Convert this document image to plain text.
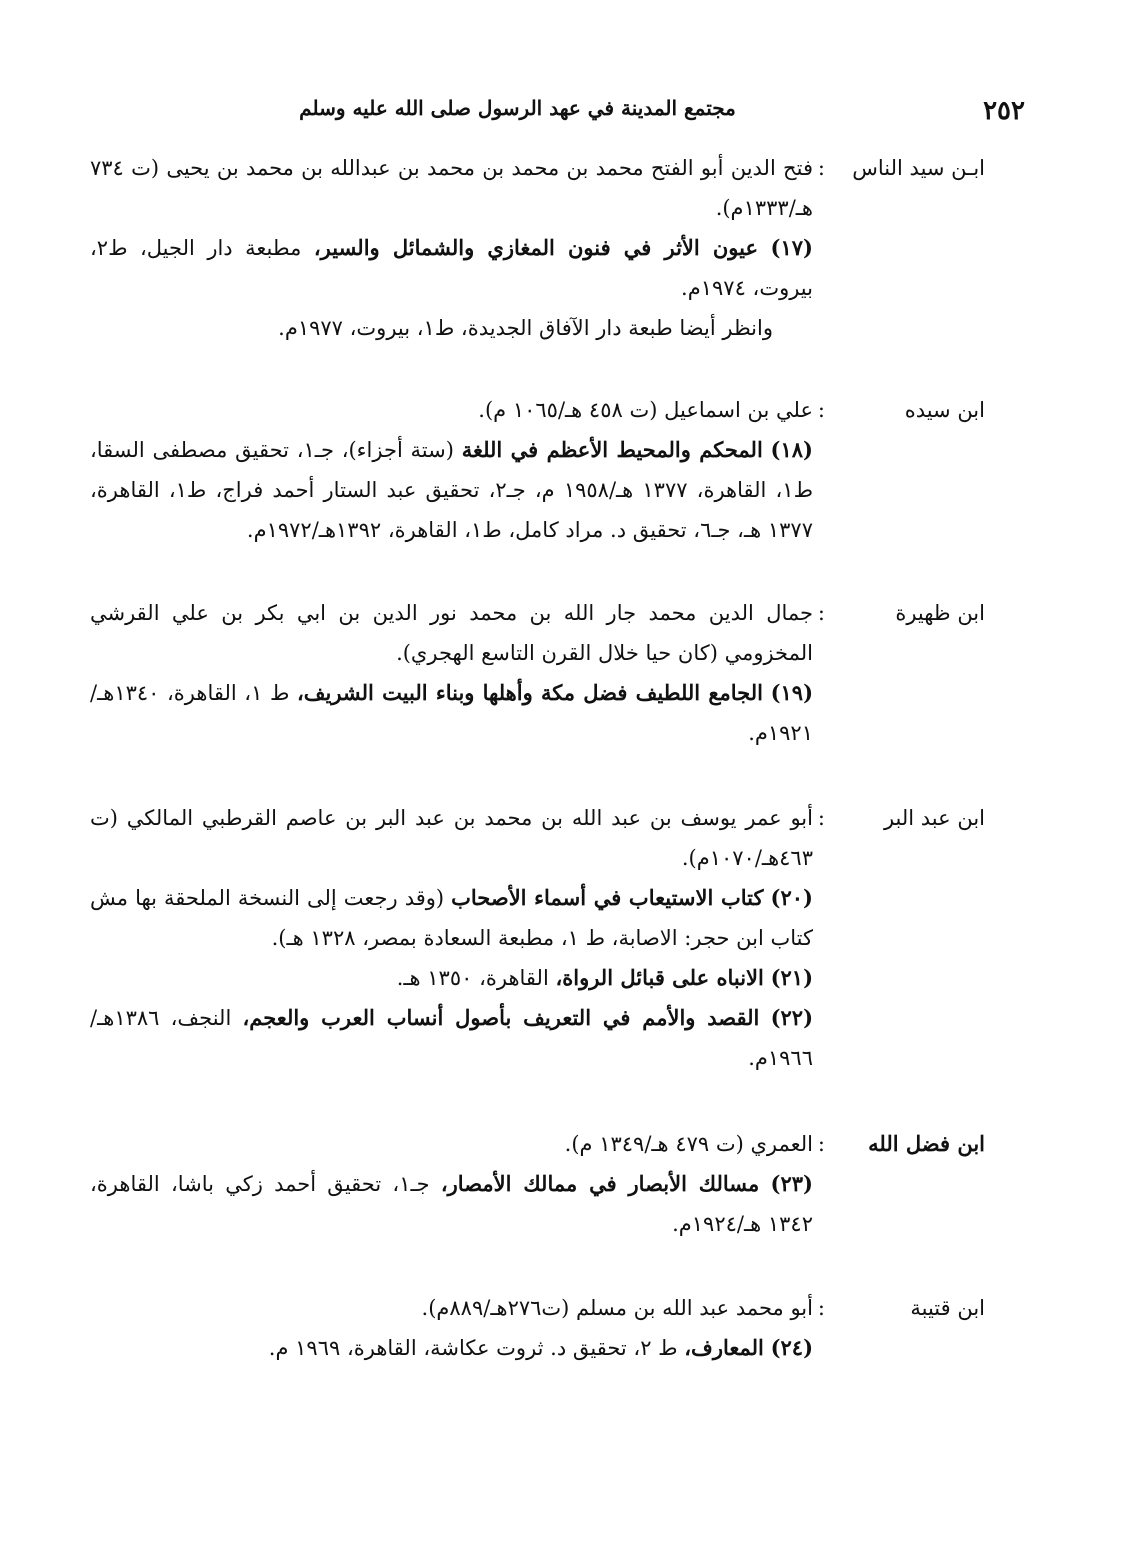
٢٥٢
مجتمع المدينة في عهد الرسول صلى الله عليه وسلم
ابـن سيد الناس
:
فتح الدين أبو الفتح محمد بن محمد بن محمد بن عبدالله بن محمد بن يحيى (ت ٧٣٤ هـ/١٣٣٣م).

(١٧) عيون الأثر في فنون المغازي والشمائل والسير، مطبعة دار الجيل، ط٢، بيروت، ١٩٧٤م.

وانظر أيضا طبعة دار الآفاق الجديدة، ط١، بيروت، ١٩٧٧م.
ابن سيده
:
علي بن اسماعيل (ت ٤٥٨ هـ/١٠٦٥ م).

(١٨) المحكم والمحيط الأعظم في اللغة (ستة أجزاء)، جـ١، تحقيق مصطفى السقا، ط١، القاهرة، ١٣٧٧ هـ/١٩٥٨ م، جـ٢، تحقيق عبد الستار أحمد فراج، ط١، القاهرة، ١٣٧٧ هـ، جـ٦، تحقيق د. مراد كامل، ط١، القاهرة، ١٣٩٢هـ/١٩٧٢م.

ابن ظهيرة
:
جمال الدين محمد جار الله بن محمد نور الدين بن ابي بكر بن علي القرشي المخزومي (كان حيا خلال القرن التاسع الهجري).

(١٩) الجامع اللطيف فضل مكة وأهلها وبناء البيت الشريف، ط ١، القاهرة، ١٣٤٠هـ/١٩٢١م.

ابن عبد البر
:
أبو عمر يوسف بن عبد الله بن محمد بن عبد البر بن عاصم القرطبي المالكي (ت ٤٦٣هـ/١٠٧٠م).

(٢٠) كتاب الاستيعاب في أسماء الأصحاب (وقد رجعت إلى النسخة الملحقة بها مش كتاب ابن حجر: الاصابة، ط ١، مطبعة السعادة بمصر، ١٣٢٨ هـ).

(٢١) الانباه على قبائل الرواة، القاهرة، ١٣٥٠ هـ.

(٢٢) القصد والأمم في التعريف بأصول أنساب العرب والعجم، النجف، ١٣٨٦هـ/١٩٦٦م.

ابن فضل الله
:
العمري (ت ٤٧٩ هـ/١٣٤٩ م).

(٢٣) مسالك الأبصار في ممالك الأمصار، جـ١، تحقيق أحمد زكي باشا، القاهرة، ١٣٤٢ هـ/١٩٢٤م.

ابن قتيبة
:
أبو محمد عبد الله بن مسلم (ت٢٧٦هـ/٨٨٩م).

(٢٤) المعارف، ط ٢، تحقيق د. ثروت عكاشة، القاهرة، ١٩٦٩ م.
